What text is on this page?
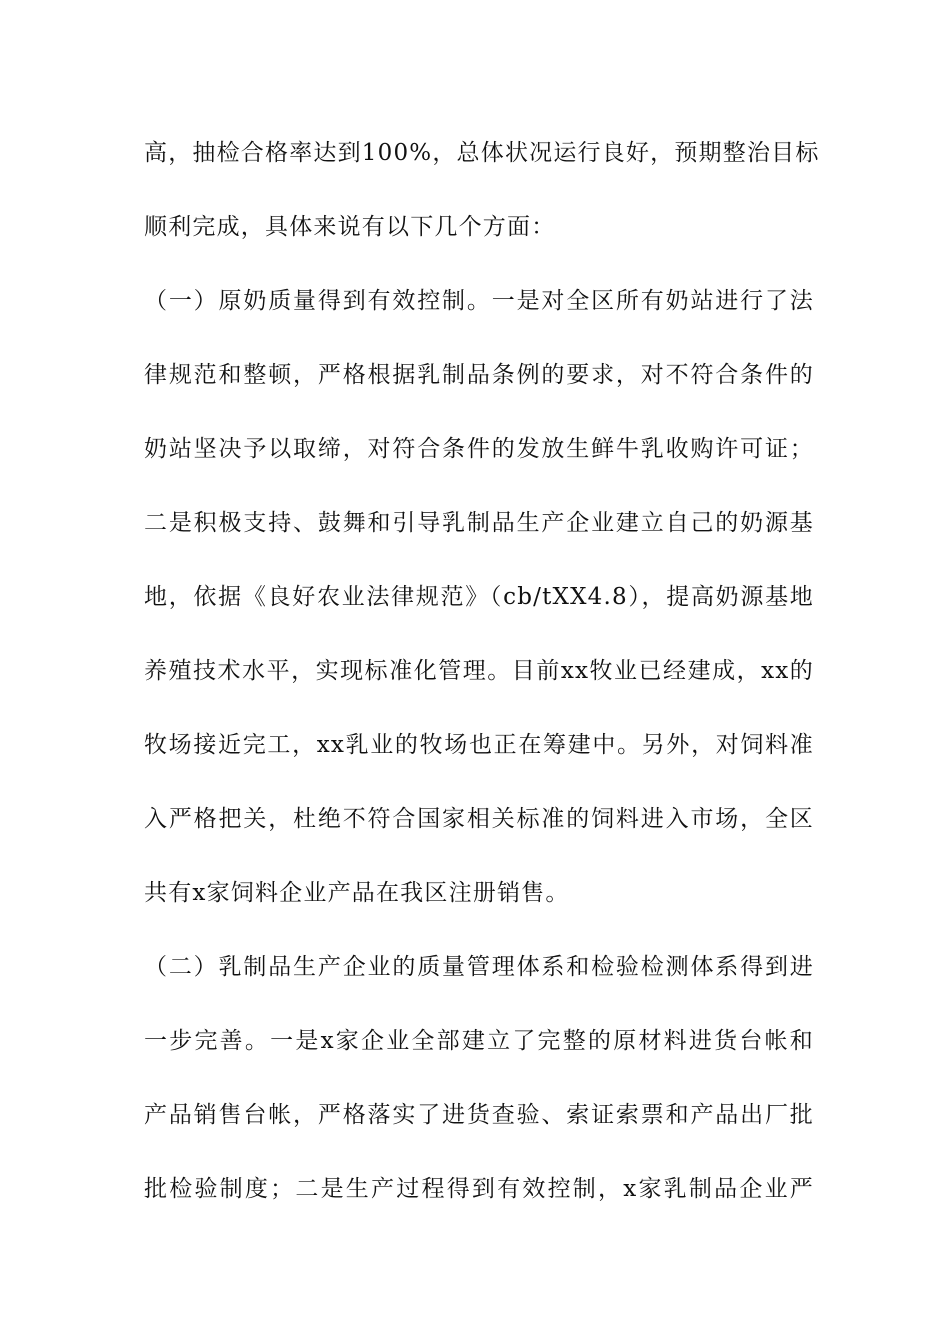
高，抽检合格率达到100%，总体状况运行良好，预期整治目标
顺利完成，具体来说有以下几个方面：
（一）原奶质量得到有效控制。一是对全区所有奶站进行了法
律规范和整顿，严格根据乳制品条例的要求，对不符合条件的
奶站坚决予以取缔，对符合条件的发放生鲜牛乳收购许可证；
二是积极支持、鼓舞和引导乳制品生产企业建立自己的奶源基
地，依据《良好农业法律规范》（cb/tXX4.8），提高奶源基地
养殖技术水平，实现标准化管理。目前xx牧业已经建成，xx的
牧场接近完工，xx乳业的牧场也正在筹建中。另外，对饲料准
入严格把关，杜绝不符合国家相关标准的饲料进入市场，全区
共有x家饲料企业产品在我区注册销售。
（二）乳制品生产企业的质量管理体系和检验检测体系得到进
一步完善。一是x家企业全部建立了完整的原材料进货台帐和
产品销售台帐，严格落实了进货查验、索证索票和产品出厂批
批检验制度；二是生产过程得到有效控制，x家乳制品企业严
